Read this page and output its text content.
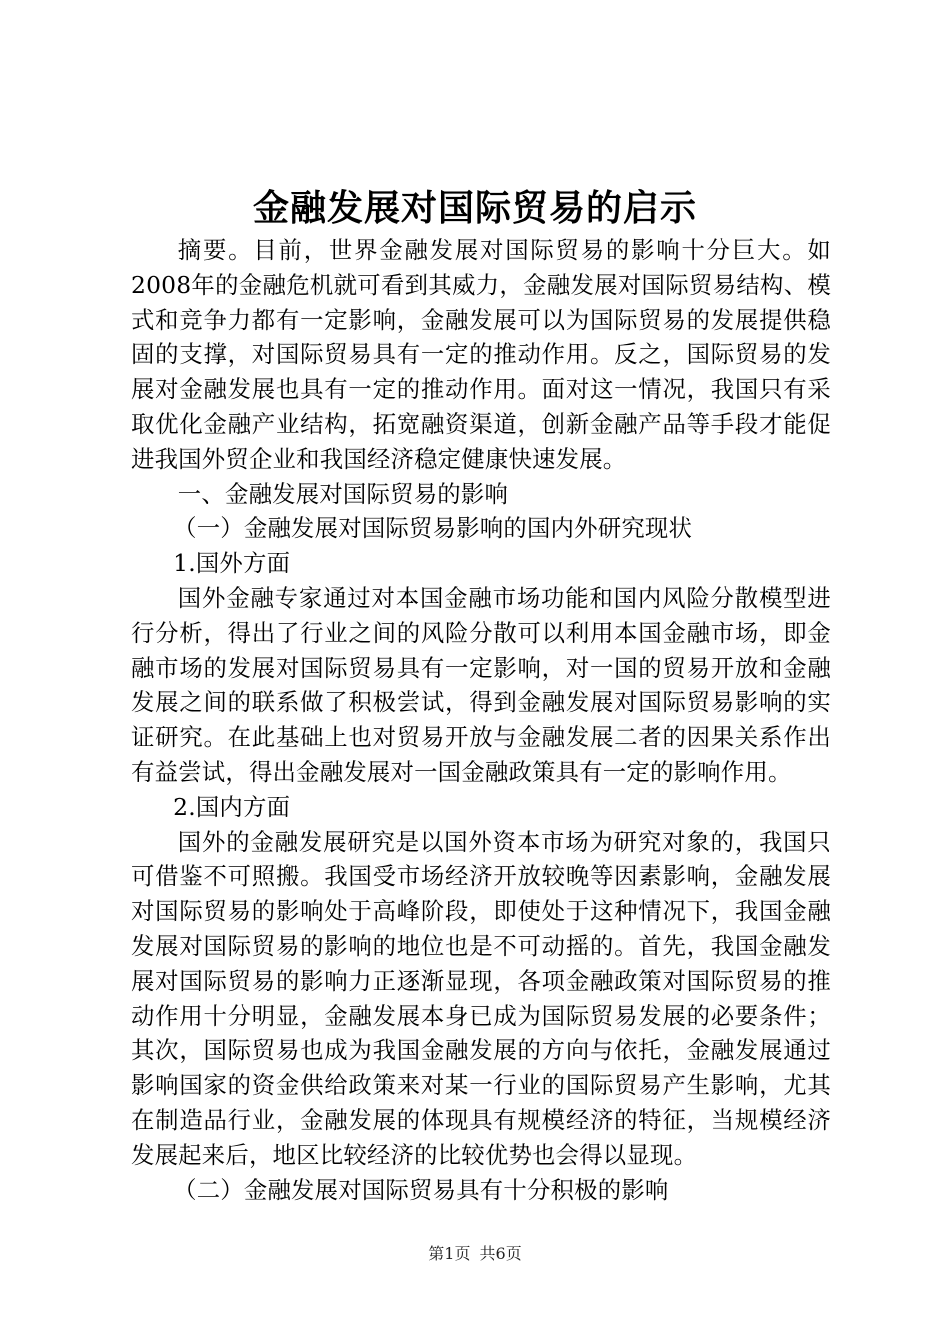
金融发展对国际贸易的启示

摘要。目前，世界金融发展对国际贸易的影响十分巨大。如2008年的金融危机就可看到其威力，金融发展对国际贸易结构、模式和竞争力都有一定影响，金融发展可以为国际贸易的发展提供稳固的支撑，对国际贸易具有一定的推动作用。反之，国际贸易的发展对金融发展也具有一定的推动作用。面对这一情况，我国只有采取优化金融产业结构，拓宽融资渠道，创新金融产品等手段才能促进我国外贸企业和我国经济稳定健康快速发展。

一、金融发展对国际贸易的影响

（一）金融发展对国际贸易影响的国内外研究现状

1.国外方面

国外金融专家通过对本国金融市场功能和国内风险分散模型进行分析，得出了行业之间的风险分散可以利用本国金融市场，即金融市场的发展对国际贸易具有一定影响，对一国的贸易开放和金融发展之间的联系做了积极尝试，得到金融发展对国际贸易影响的实证研究。在此基础上也对贸易开放与金融发展二者的因果关系作出有益尝试，得出金融发展对一国金融政策具有一定的影响作用。

2.国内方面

国外的金融发展研究是以国外资本市场为研究对象的，我国只可借鉴不可照搬。我国受市场经济开放较晚等因素影响，金融发展对国际贸易的影响处于高峰阶段，即使处于这种情况下，我国金融发展对国际贸易的影响的地位也是不可动摇的。首先，我国金融发展对国际贸易的影响力正逐渐显现，各项金融政策对国际贸易的推动作用十分明显，金融发展本身已成为国际贸易发展的必要条件；其次，国际贸易也成为我国金融发展的方向与依托，金融发展通过影响国家的资金供给政策来对某一行业的国际贸易产生影响，尤其在制造品行业，金融发展的体现具有规模经济的特征，当规模经济发展起来后，地区比较经济的比较优势也会得以显现。

（二）金融发展对国际贸易具有十分积极的影响

第1页 共6页
